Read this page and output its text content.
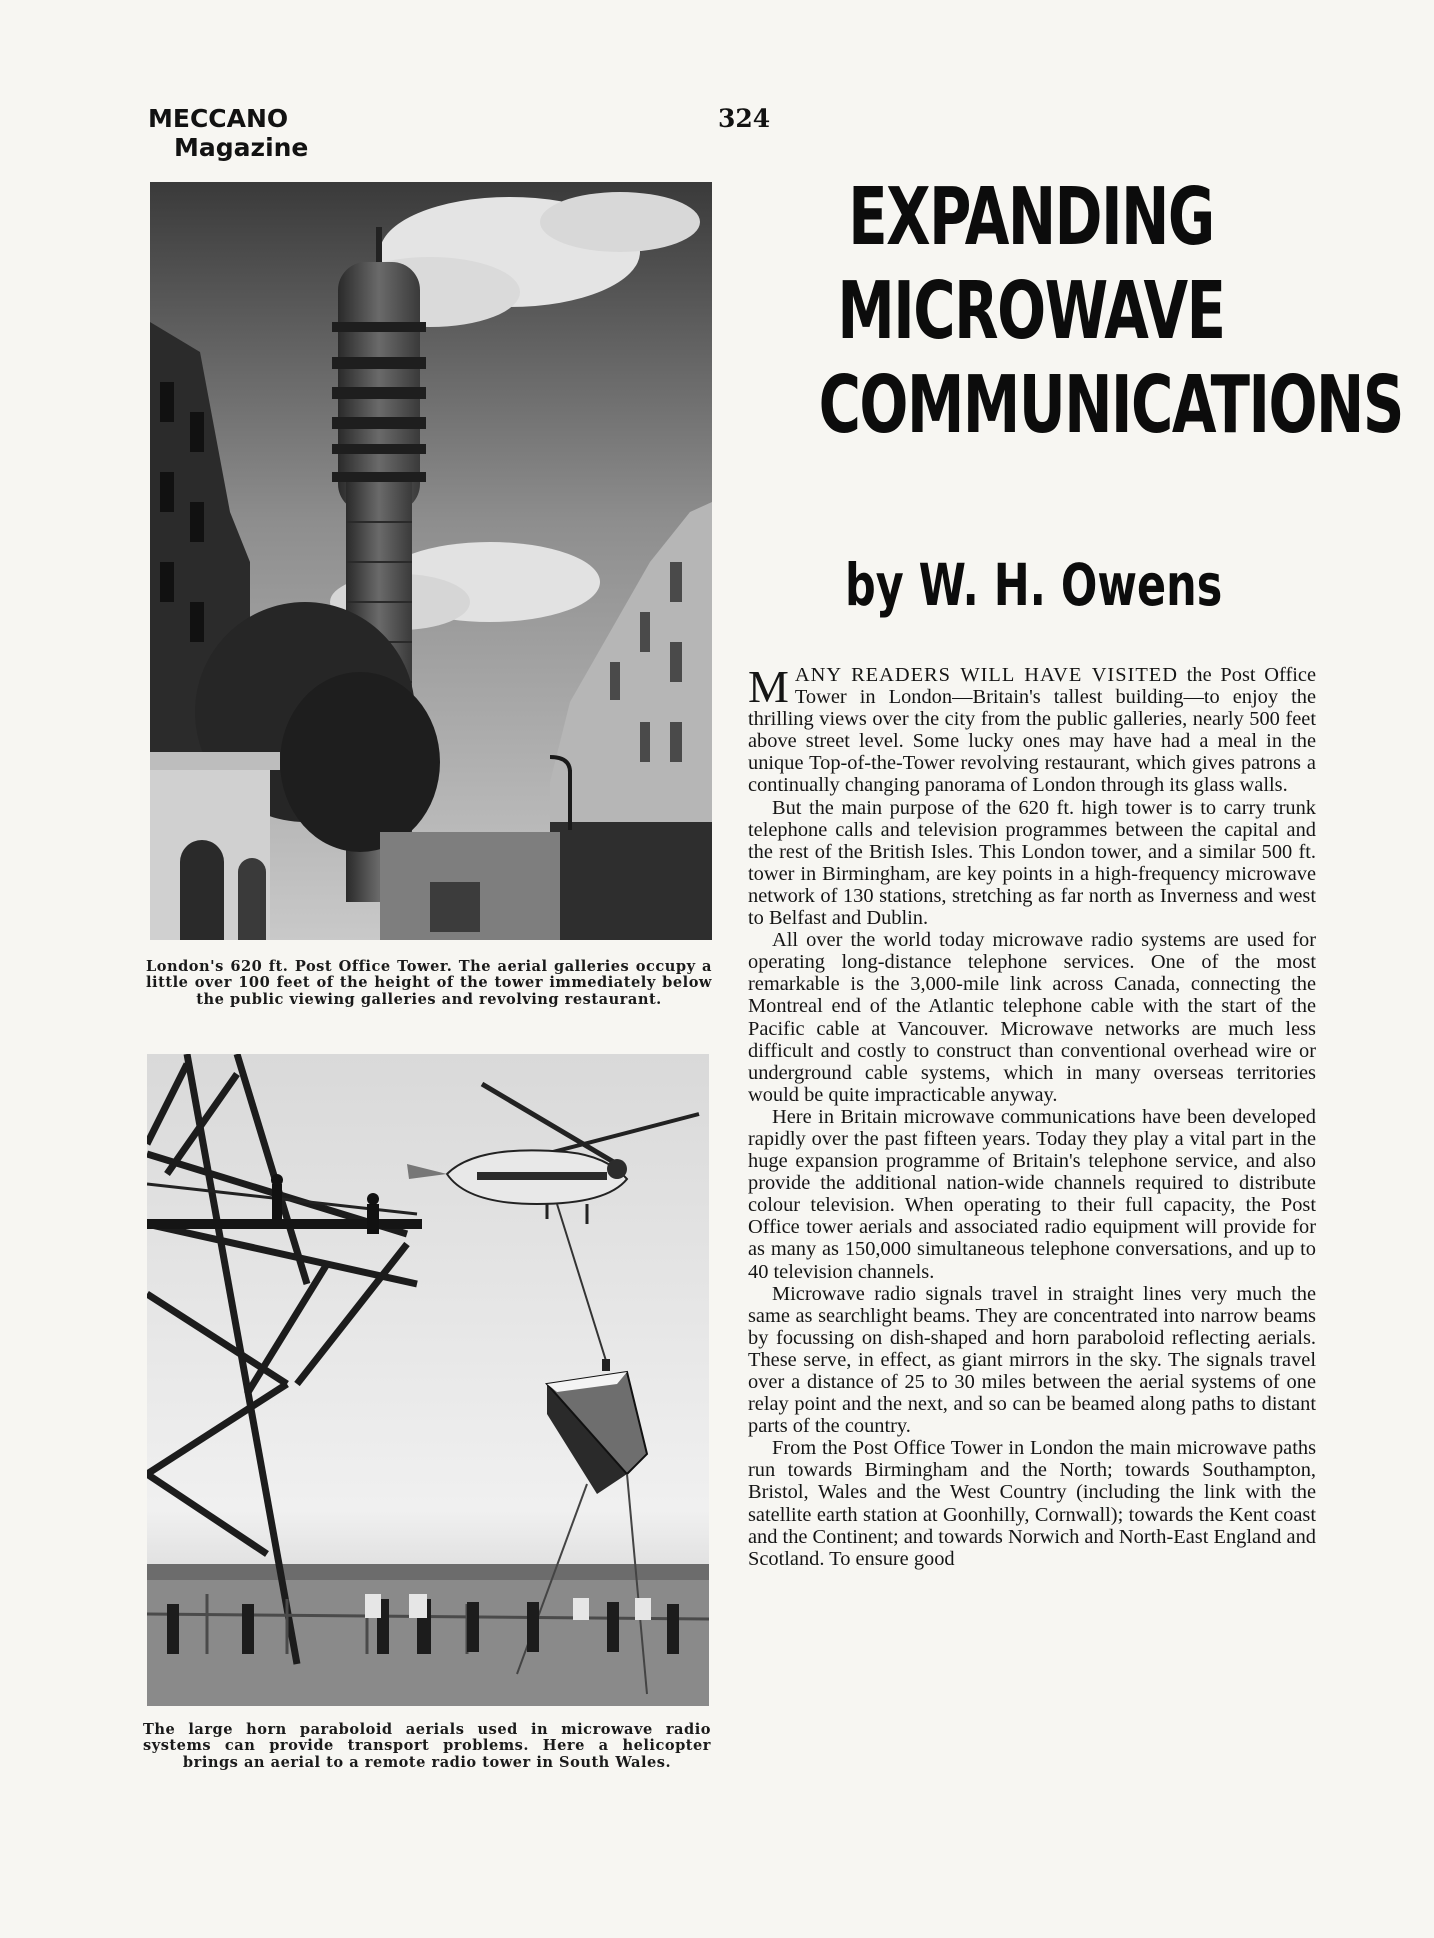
MECCANO
Magazine
324
London's 620 ft. Post Office Tower. The aerial galleries occupy a little over 100 feet of the height of the tower immediately below the public viewing galleries and revolving restaurant.
The large horn paraboloid aerials used in microwave radio systems can provide transport problems. Here a helicopter brings an aerial to a remote radio tower in South Wales.
EXPANDING
MICROWAVE
COMMUNICATIONS
by W. H. Owens

MANY READERS WILL HAVE VISITED the Post Office Tower in London—Britain's tallest building—to enjoy the thrilling views over the city from the public galleries, nearly 500 feet above street level. Some lucky ones may have had a meal in the unique Top-of-the-Tower revolving restaurant, which gives patrons a continually changing panorama of London through its glass walls.

But the main purpose of the 620 ft. high tower is to carry trunk telephone calls and television programmes between the capital and the rest of the British Isles. This London tower, and a similar 500 ft. tower in Birmingham, are key points in a high-frequency microwave network of 130 stations, stretching as far north as Inverness and west to Belfast and Dublin.

All over the world today microwave radio systems are used for operating long-distance telephone services. One of the most remarkable is the 3,000-mile link across Canada, connecting the Montreal end of the Atlantic telephone cable with the start of the Pacific cable at Vancouver. Microwave networks are much less difficult and costly to construct than conventional overhead wire or underground cable systems, which in many overseas territories would be quite impracticable anyway.

Here in Britain microwave communications have been developed rapidly over the past fifteen years. Today they play a vital part in the huge expansion programme of Britain's telephone service, and also provide the additional nation-wide channels required to distribute colour television. When operating to their full capacity, the Post Office tower aerials and associated radio equipment will provide for as many as 150,000 simultaneous telephone conversations, and up to 40 television channels.

Microwave radio signals travel in straight lines very much the same as searchlight beams. They are concentrated into narrow beams by focussing on dish-shaped and horn paraboloid reflecting aerials. These serve, in effect, as giant mirrors in the sky. The signals travel over a distance of 25 to 30 miles between the aerial systems of one relay point and the next, and so can be beamed along paths to distant parts of the country.

From the Post Office Tower in London the main microwave paths run towards Birmingham and the North; towards Southampton, Bristol, Wales and the West Country (including the link with the satellite earth station at Goonhilly, Cornwall); towards the Kent coast and the Continent; and towards Norwich and North-East England and Scotland. To ensure good
